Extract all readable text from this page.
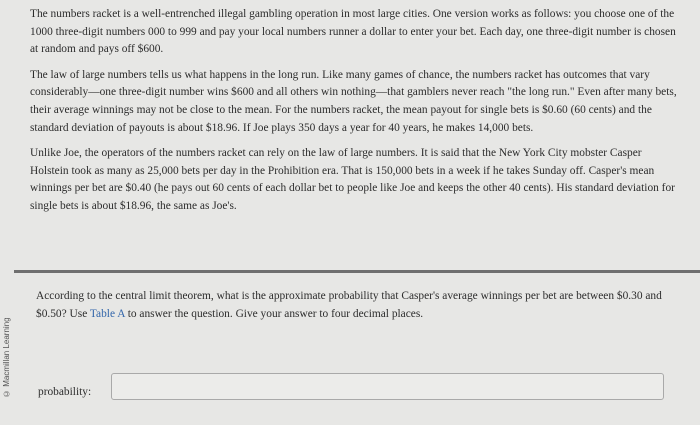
The numbers racket is a well-entrenched illegal gambling operation in most large cities. One version works as follows: you choose one of the 1000 three-digit numbers 000 to 999 and pay your local numbers runner a dollar to enter your bet. Each day, one three-digit number is chosen at random and pays off $600.

The law of large numbers tells us what happens in the long run. Like many games of chance, the numbers racket has outcomes that vary considerably—one three-digit number wins $600 and all others win nothing—that gamblers never reach "the long run." Even after many bets, their average winnings may not be close to the mean. For the numbers racket, the mean payout for single bets is $0.60 (60 cents) and the standard deviation of payouts is about $18.96. If Joe plays 350 days a year for 40 years, he makes 14,000 bets.

Unlike Joe, the operators of the numbers racket can rely on the law of large numbers. It is said that the New York City mobster Casper Holstein took as many as 25,000 bets per day in the Prohibition era. That is 150,000 bets in a week if he takes Sunday off. Casper's mean winnings per bet are $0.40 (he pays out 60 cents of each dollar bet to people like Joe and keeps the other 40 cents). His standard deviation for single bets is about $18.96, the same as Joe's.

© Macmillan Learning
According to the central limit theorem, what is the approximate probability that Casper's average winnings per bet are between $0.30 and $0.50? Use Table A to answer the question. Give your answer to four decimal places.
probability:
